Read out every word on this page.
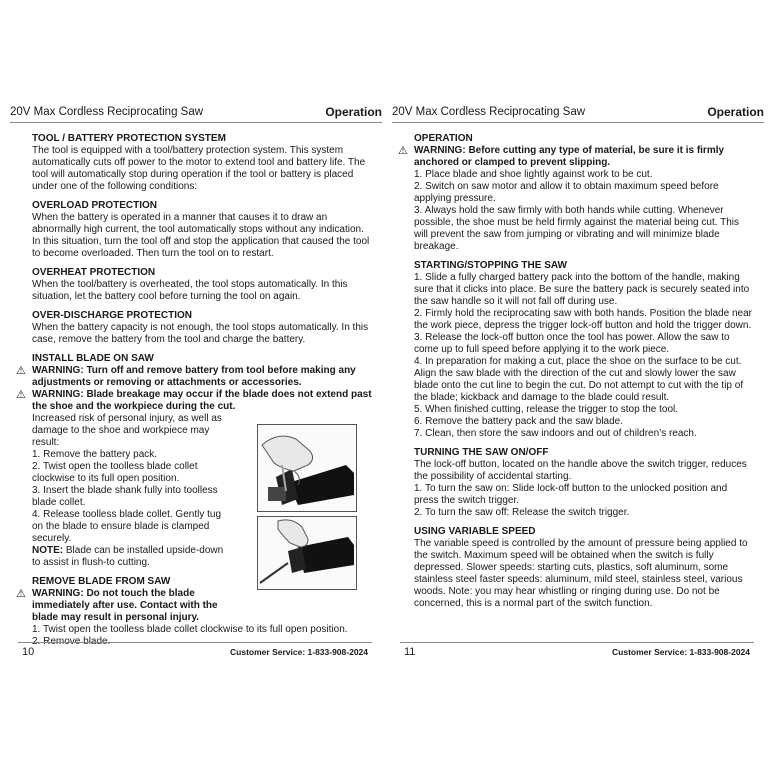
20V Max Cordless Reciprocating Saw	Operation
TOOL / BATTERY PROTECTION SYSTEM

The tool is equipped with a tool/battery protection system. This system automatically cuts off power to the motor to extend tool and battery life. The tool will automatically stop during operation if the tool or battery is placed under one of the following conditions:

OVERLOAD PROTECTION

When the battery is operated in a manner that causes it to draw an abnormally high current, the tool automatically stops without any indication. In this situation, turn the tool off and stop the application that caused the tool to become overloaded. Then turn the tool on to restart.

OVERHEAT PROTECTION

When the tool/battery is overheated, the tool stops automatically. In this situation, let the battery cool before turning the tool on again.

OVER-DISCHARGE PROTECTION

When the battery capacity is not enough, the tool stops automatically. In this case, remove the battery from the tool and charge the battery.

INSTALL BLADE ON SAW
⚠ WARNING: Turn off and remove battery from tool before making any adjustments or removing or attachments or accessories.
⚠ WARNING: Blade breakage may occur if the blade does not extend past the shoe and the workpiece during the cut.

Increased risk of personal injury, as well as damage to the shoe and workpiece may result:

1. Remove the battery pack.

2. Twist open the toolless blade collet clockwise to its full open position.

3. Insert the blade shank fully into toolless blade collet.

4. Release toolless blade collet. Gently tug on the blade to ensure blade is clamped securely.

NOTE: Blade can be installed upside-down to assist in flush-to cutting.

REMOVE BLADE FROM SAW
⚠ WARNING: Do not touch the blade immediately after use. Contact with the blade may result in personal injury.

1. Twist open the toolless blade collet clockwise to its full open position.

2. Remove blade.

10	Customer Service: 1-833-908-2024
20V Max Cordless Reciprocating Saw	Operation
OPERATION
⚠ WARNING: Before cutting any type of material, be sure it is firmly anchored or clamped to prevent slipping.

1. Place blade and shoe lightly against work to be cut.

2. Switch on saw motor and allow it to obtain maximum speed before applying pressure.

3. Always hold the saw firmly with both hands while cutting. Whenever possible, the shoe must be held firmly against the material being cut. This will prevent the saw from jumping or vibrating and will minimize blade breakage.

STARTING/STOPPING THE SAW

1. Slide a fully charged battery pack into the bottom of the handle, making sure that it clicks into place. Be sure the battery pack is securely seated into the saw handle so it will not fall off during use.

2. Firmly hold the reciprocating saw with both hands. Position the blade near the work piece, depress the trigger lock-off button and hold the trigger down.

3. Release the lock-off button once the tool has power. Allow the saw to come up to full speed before applying it to the work piece.

4. In preparation for making a cut, place the shoe on the surface to be cut. Align the saw blade with the direction of the cut and slowly lower the saw blade onto the cut line to begin the cut. Do not attempt to cut with the tip of the blade; kickback and damage to the blade could result.

5. When finished cutting, release the trigger to stop the tool.

6. Remove the battery pack and the saw blade.

7. Clean, then store the saw indoors and out of children’s reach.

TURNING THE SAW ON/OFF

The lock-off button, located on the handle above the switch trigger, reduces the possibility of accidental starting.

1. To turn the saw on: Slide lock-off button to the unlocked position and press the switch trigger.

2. To turn the saw off: Release the switch trigger.

USING VARIABLE SPEED

The variable speed is controlled by the amount of pressure being applied to the switch. Maximum speed will be obtained when the switch is fully depressed. Slower speeds: starting cuts, plastics, soft aluminum, some stainless steel faster speeds: aluminum, mild steel, stainless steel, various woods. Note: you may hear whistling or ringing during use. Do not be concerned, this is a normal part of the switch function.

11	Customer Service: 1-833-908-2024
